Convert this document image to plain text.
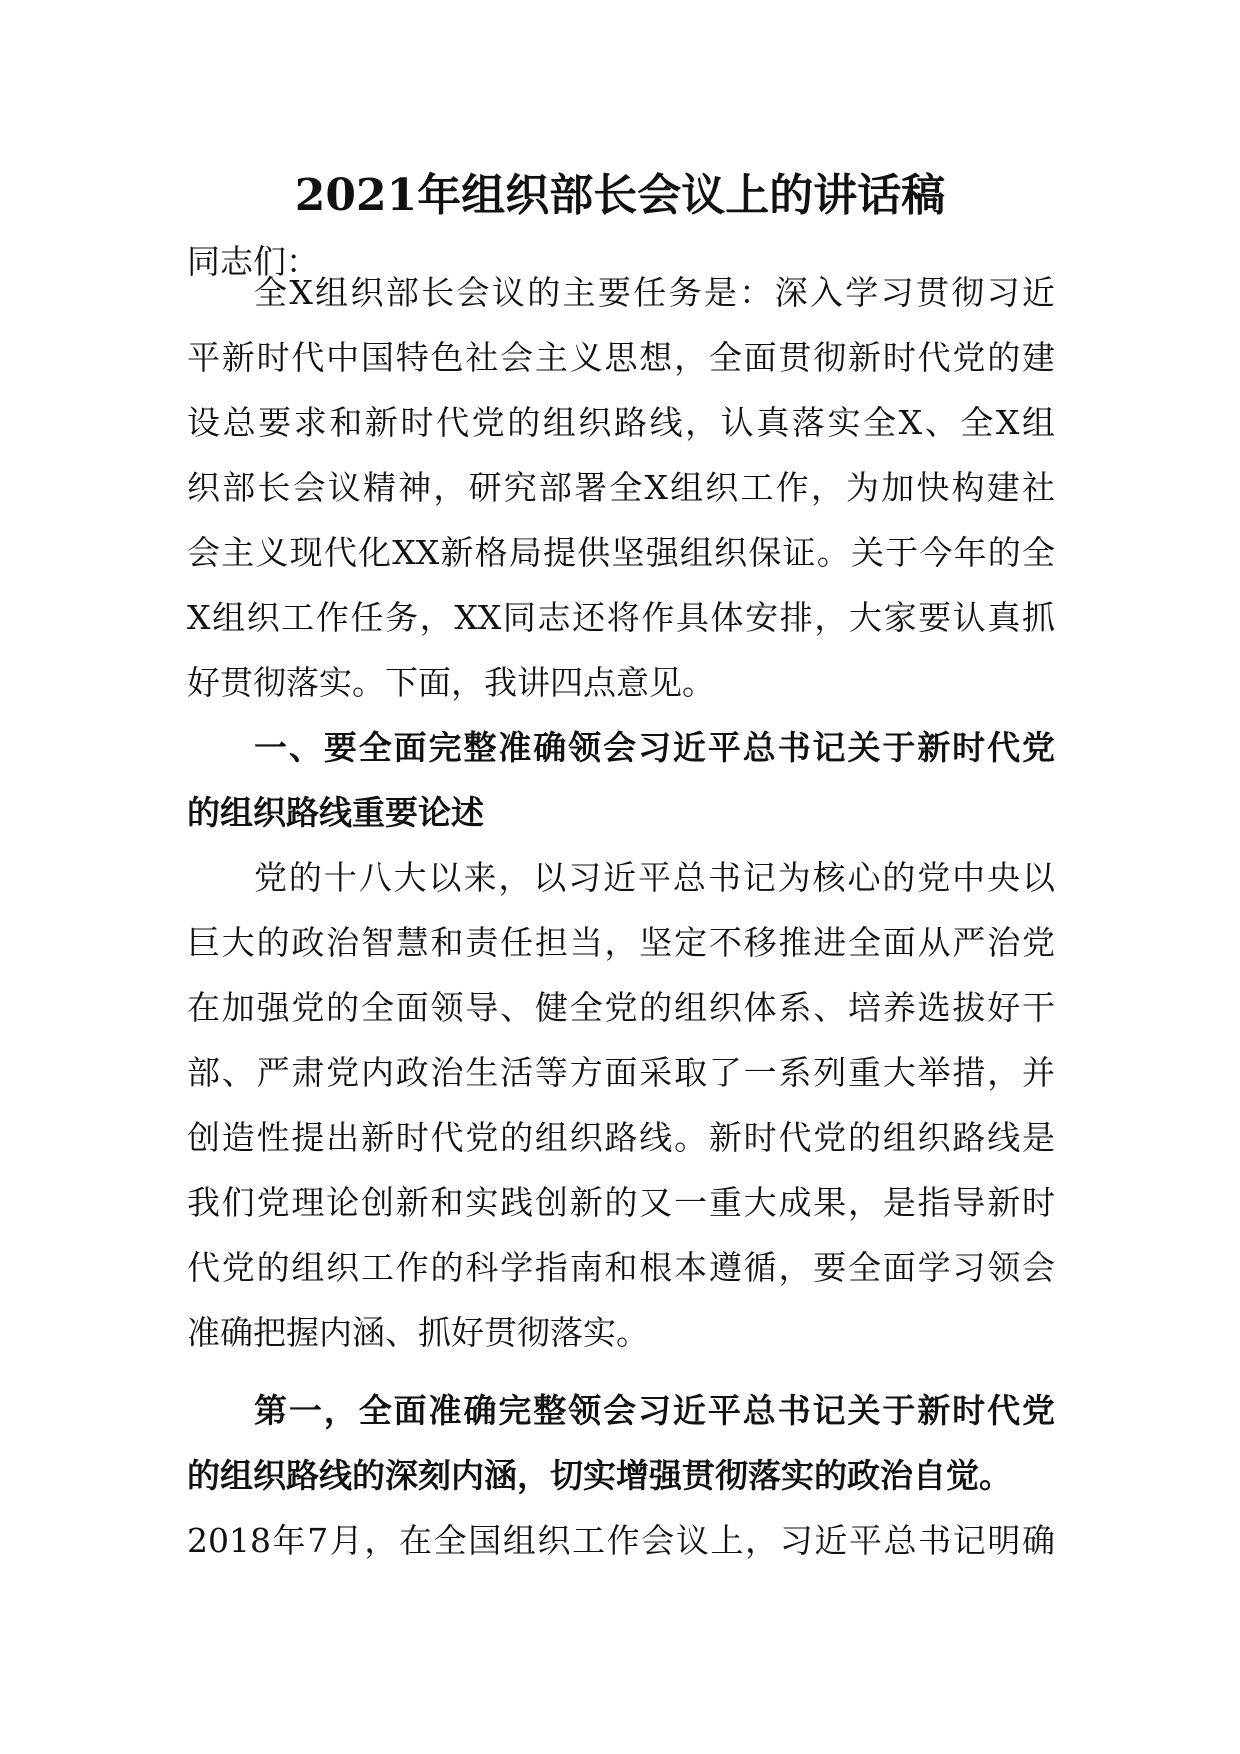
2021年组织部长会议上的讲话稿
同志们：
全X组织部长会议的主要任务是：深入学习贯彻习近
平新时代中国特色社会主义思想，全面贯彻新时代党的建
设总要求和新时代党的组织路线，认真落实全X、全X组
织部长会议精神，研究部署全X组织工作，为加快构建社
会主义现代化XX新格局提供坚强组织保证。关于今年的全
X组织工作任务，XX同志还将作具体安排，大家要认真抓
好贯彻落实。下面，我讲四点意见。
一、要全面完整准确领会习近平总书记关于新时代党
的组织路线重要论述
党的十八大以来，以习近平总书记为核心的党中央以
巨大的政治智慧和责任担当，坚定不移推进全面从严治党
在加强党的全面领导、健全党的组织体系、培养选拔好干
部、严肃党内政治生活等方面采取了一系列重大举措，并
创造性提出新时代党的组织路线。新时代党的组织路线是
我们党理论创新和实践创新的又一重大成果，是指导新时
代党的组织工作的科学指南和根本遵循，要全面学习领会
准确把握内涵、抓好贯彻落实。
第一，全面准确完整领会习近平总书记关于新时代党
的组织路线的深刻内涵，切实增强贯彻落实的政治自觉。
2018年7月，在全国组织工作会议上，习近平总书记明确
